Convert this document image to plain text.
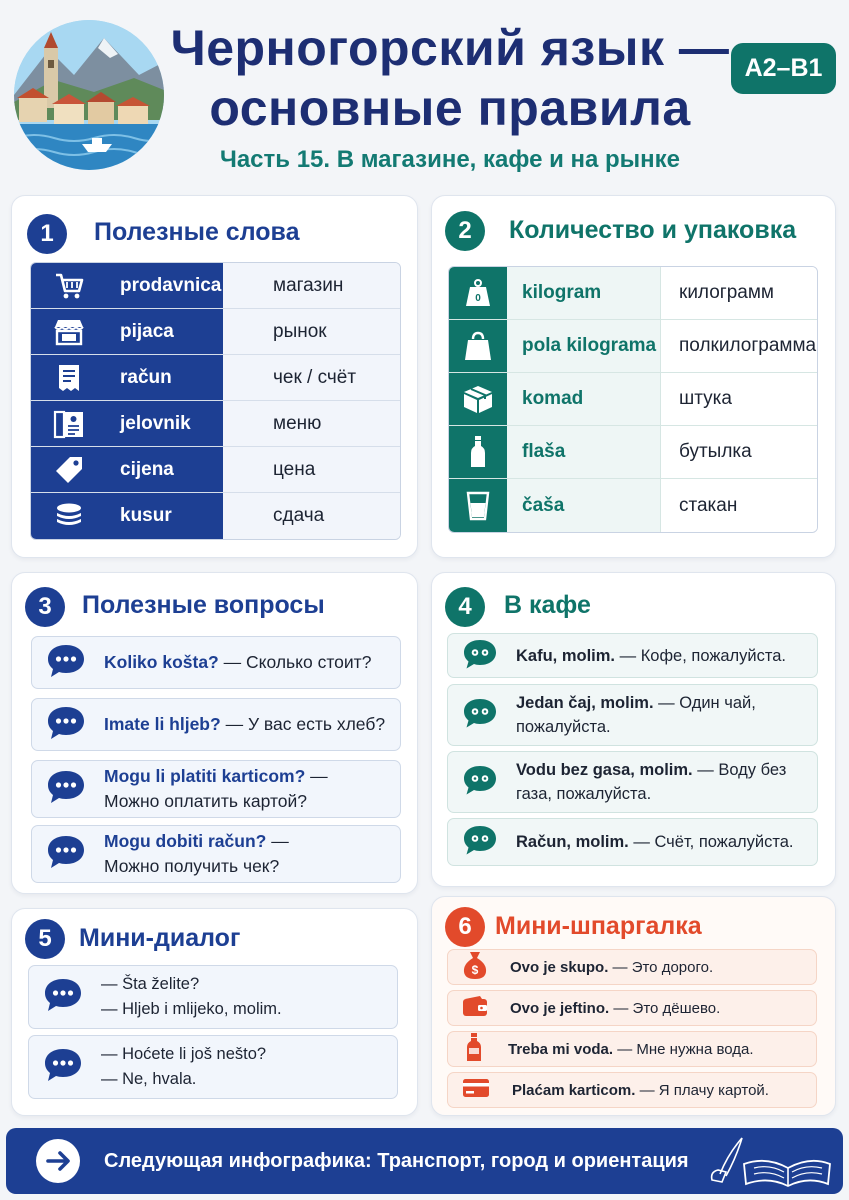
Черногорский язык —
основные правила
Часть 15. В магазине, кафе и на рынке
A2–B1
1	Полезные слова
prodavnica	магазин
pijaca	рынок
račun	чек / счёт
jelovnik	меню
cijena	цена
kusur	сдача
2	Количество и упаковка
0	kilogram	килограмм
pola kilograma	полкилограмма
komad	штука
flaša	бутылка
čaša	стакан
3	Полезные вопросы
Koliko košta? — Сколько стоит?
Imate li hljeb? — У вас есть хлеб?
Mogu li platiti karticom? —
Можно оплатить картой?
Mogu dobiti račun? —
Можно получить чек?
4	В кафе
Kafu, molim. — Кофе, пожалуйста.
Jedan čaj, molim. — Один чай, пожалуйста.
Vodu bez gasa, molim. — Воду без газа, пожалуйста.
Račun, molim. — Счёт, пожалуйста.
5	Мини-диалог
— Šta želite?
— Hljeb i mlijeko, molim.
— Hoćete li još nešto?
— Ne, hvala.
6 Мини-шпаргалка
$ Ovo je skupo. — Это дорого.
Ovo je jeftino. — Это дёшево.
Treba mi voda. — Мне нужна вода.
Plaćam karticom. — Я плачу картой.
Следующая инфографика: Транспорт, город и ориентация
